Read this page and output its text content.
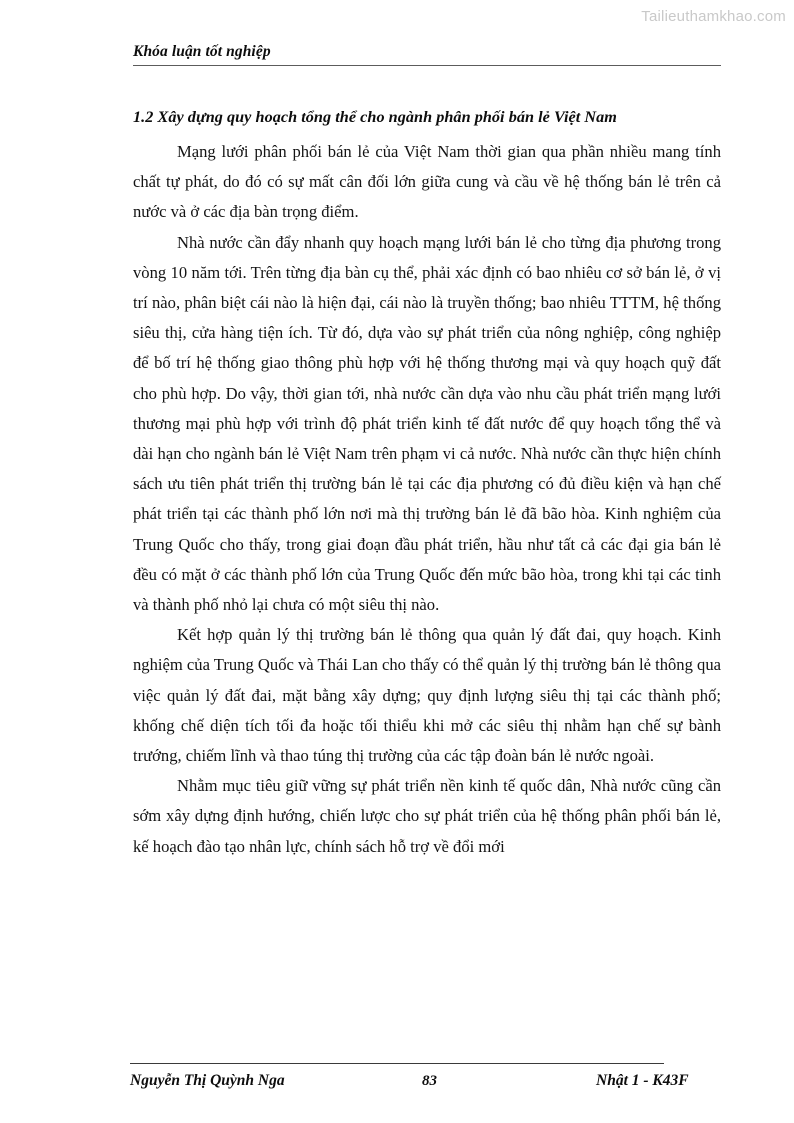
Tailieuthamkhao.com
Khóa luận tốt nghiệp
1.2 Xây dựng quy hoạch tổng thể cho ngành phân phối bán lẻ Việt Nam

Mạng lưới phân phối bán lẻ của Việt Nam thời gian qua phần nhiều mang tính chất tự phát, do đó có sự mất cân đối lớn giữa cung và cầu về hệ thống bán lẻ trên cả nước và ở các địa bàn trọng điểm.

Nhà nước cần đẩy nhanh quy hoạch mạng lưới bán lẻ cho từng địa phương trong vòng 10 năm tới. Trên từng địa bàn cụ thể, phải xác định có bao nhiêu cơ sở bán lẻ, ở vị trí nào, phân biệt cái nào là hiện đại, cái nào là truyền thống; bao nhiêu TTTM, hệ thống siêu thị, cửa hàng tiện ích. Từ đó, dựa vào sự phát triển của nông nghiệp, công nghiệp để bố trí hệ thống giao thông phù hợp với hệ thống thương mại và quy hoạch quỹ đất cho phù hợp. Do vậy, thời gian tới, nhà nước cần dựa vào nhu cầu phát triển mạng lưới thương mại phù hợp với trình độ phát triển kinh tế đất nước để quy hoạch tổng thể và dài hạn cho ngành bán lẻ Việt Nam trên phạm vi cả nước. Nhà nước cần thực hiện chính sách ưu tiên phát triển thị trường bán lẻ tại các địa phương có đủ điều kiện và hạn chế phát triển tại các thành phố lớn nơi mà thị trường bán lẻ đã bão hòa. Kinh nghiệm của Trung Quốc cho thấy, trong giai đoạn đầu phát triển, hầu như tất cả các đại gia bán lẻ đều có mặt ở các thành phố lớn của Trung Quốc đến mức bão hòa, trong khi tại các tinh và thành phố nhỏ lại chưa có một siêu thị nào.

Kết hợp quản lý thị trường bán lẻ thông qua quản lý đất đai, quy hoạch. Kinh nghiệm của Trung Quốc và Thái Lan cho thấy có thể quản lý thị trường bán lẻ thông qua việc quản lý đất đai, mặt bằng xây dựng; quy định lượng siêu thị tại các thành phố; khống chế diện tích tối đa hoặc tối thiểu khi mở các siêu thị nhằm hạn chế sự bành trướng, chiếm lĩnh và thao túng thị trường của các tập đoàn bán lẻ nước ngoài.

Nhằm mục tiêu giữ vững sự phát triển nền kinh tế quốc dân, Nhà nước cũng cần sớm xây dựng định hướng, chiến lược cho sự phát triển của hệ thống phân phối bán lẻ, kế hoạch đào tạo nhân lực, chính sách hỗ trợ về đổi mới

Nguyễn Thị Quỳnh Nga	83	Nhật 1 - K43F
